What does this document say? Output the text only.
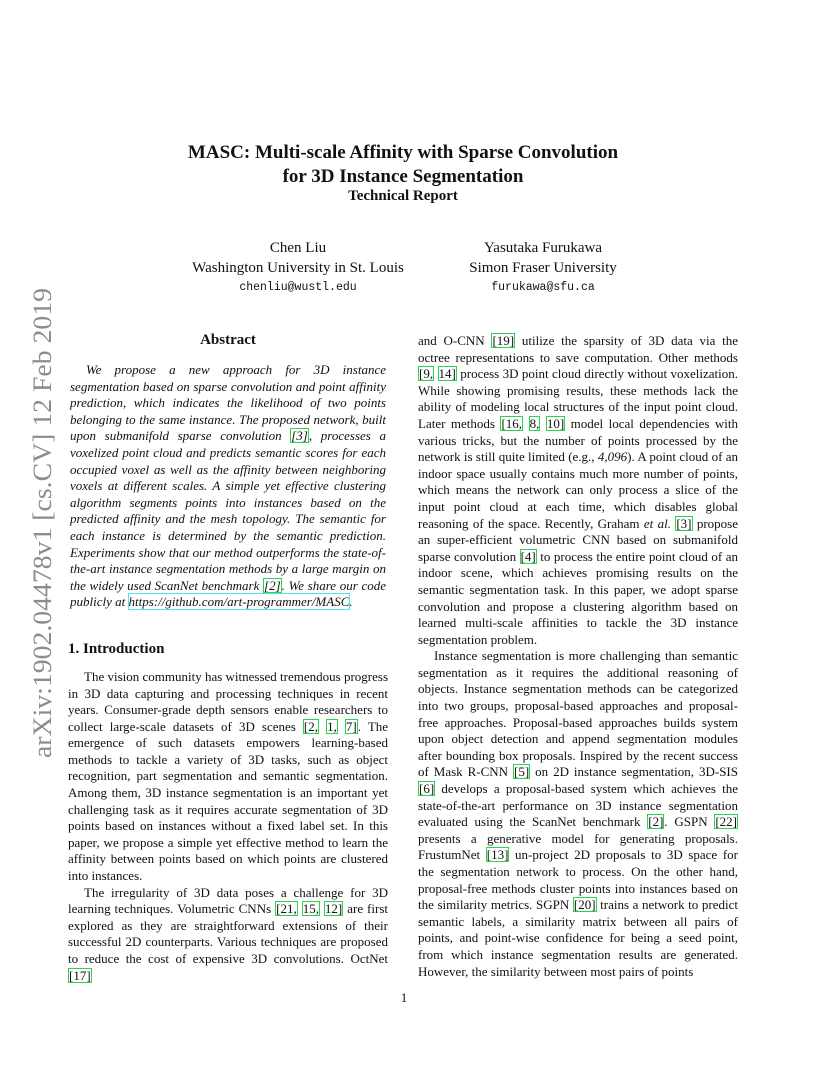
arXiv:1902.04478v1 [cs.CV] 12 Feb 2019
MASC: Multi-scale Affinity with Sparse Convolution
for 3D Instance Segmentation
Technical Report
Chen Liu
Washington University in St. Louis
chenliu@wustl.edu
Yasutaka Furukawa
Simon Fraser University
furukawa@sfu.ca
Abstract

We propose a new approach for 3D instance segmentation based on sparse convolution and point affinity prediction, which indicates the likelihood of two points belonging to the same instance. The proposed network, built upon submanifold sparse convolution [3], processes a voxelized point cloud and predicts semantic scores for each occupied voxel as well as the affinity between neighboring voxels at different scales. A simple yet effective clustering algorithm segments points into instances based on the predicted affinity and the mesh topology. The semantic for each instance is determined by the semantic prediction. Experiments show that our method outperforms the state-of-the-art instance segmentation methods by a large margin on the widely used ScanNet benchmark [2]. We share our code publicly at https://github.com/art-programmer/MASC.

1. Introduction

The vision community has witnessed tremendous progress in 3D data capturing and processing techniques in recent years. Consumer-grade depth sensors enable researchers to collect large-scale datasets of 3D scenes [2, 1, 7]. The emergence of such datasets empowers learning-based methods to tackle a variety of 3D tasks, such as object recognition, part segmentation and semantic segmentation. Among them, 3D instance segmentation is an important yet challenging task as it requires accurate segmentation of 3D points based on instances without a fixed label set. In this paper, we propose a simple yet effective method to learn the affinity between points based on which points are clustered into instances.

The irregularity of 3D data poses a challenge for 3D learning techniques. Volumetric CNNs [21, 15, 12] are first explored as they are straightforward extensions of their successful 2D counterparts. Various techniques are proposed to reduce the cost of expensive 3D convolutions. OctNet [17]

and O-CNN [19] utilize the sparsity of 3D data via the octree representations to save computation. Other methods [9, 14] process 3D point cloud directly without voxelization. While showing promising results, these methods lack the ability of modeling local structures of the input point cloud. Later methods [16, 8, 10] model local dependencies with various tricks, but the number of points processed by the network is still quite limited (e.g., 4,096). A point cloud of an indoor space usually contains much more number of points, which means the network can only process a slice of the input point cloud at each time, which disables global reasoning of the space. Recently, Graham et al. [3] propose an super-efficient volumetric CNN based on submanifold sparse convolution [4] to process the entire point cloud of an indoor scene, which achieves promising results on the semantic segmentation task. In this paper, we adopt sparse convolution and propose a clustering algorithm based on learned multi-scale affinities to tackle the 3D instance segmentation problem.

Instance segmentation is more challenging than semantic segmentation as it requires the additional reasoning of objects. Instance segmentation methods can be categorized into two groups, proposal-based approaches and proposal-free approaches. Proposal-based approaches builds system upon object detection and append segmentation modules after bounding box proposals. Inspired by the recent success of Mask R-CNN [5] on 2D instance segmentation, 3D-SIS [6] develops a proposal-based system which achieves the state-of-the-art performance on 3D instance segmentation evaluated using the ScanNet benchmark [2]. GSPN [22] presents a generative model for generating proposals. FrustumNet [13] un-project 2D proposals to 3D space for the segmentation network to process. On the other hand, proposal-free methods cluster points into instances based on the similarity metrics. SGPN [20] trains a network to predict semantic labels, a similarity matrix between all pairs of points, and point-wise confidence for being a seed point, from which instance segmentation results are generated. However, the similarity between most pairs of points

1
